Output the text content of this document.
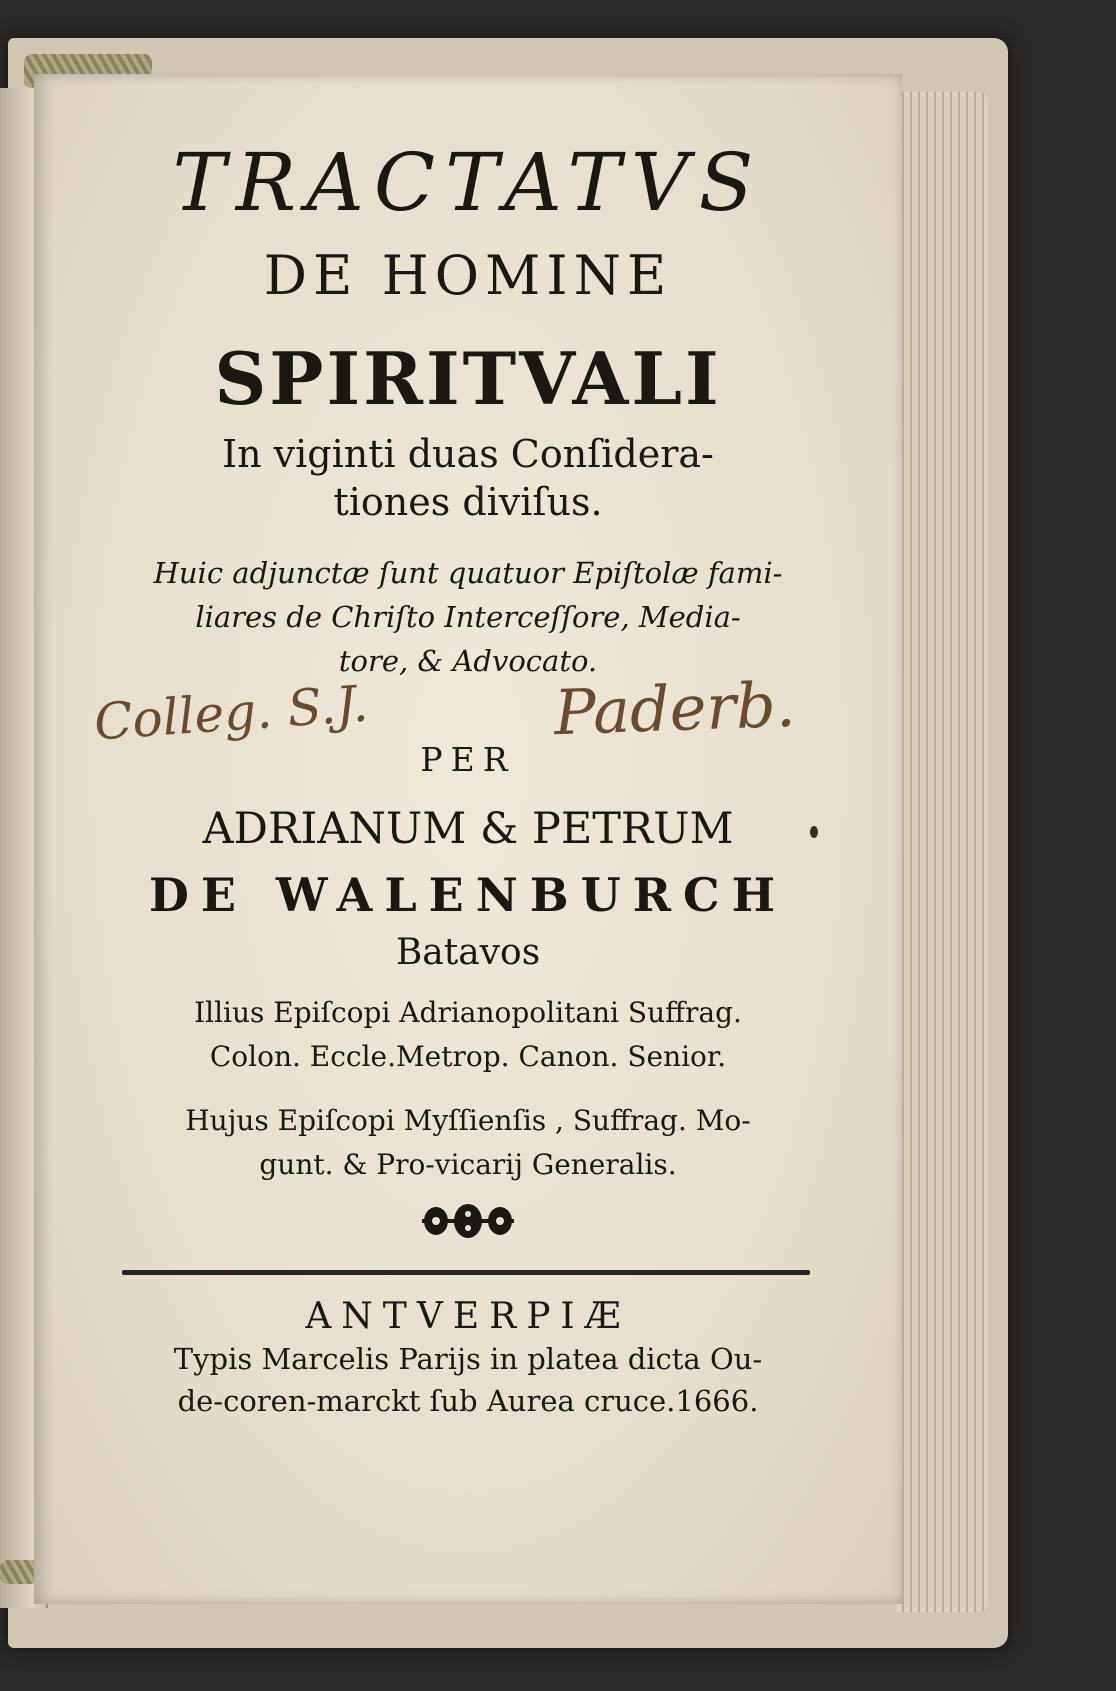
TRACTATVS
DE HOMINE
SPIRITVALI
In viginti duas Conſidera-
tiones diviſus.
Huic adjunctæ ſunt quatuor Epiſtolæ fami-
liares de Chriſto Interceſſore, Media-
tore, & Advocato.
Colleg. S.J.	Paderb.
PER
ADRIANUM & PETRUM
DE WALENBURCH
Batavos
Illius Epiſcopi Adrianopolitani Suffrag.
Colon. Eccle.Metrop. Canon. Senior.
Hujus Epiſcopi Myſſienſis , Suffrag. Mo-
gunt. & Pro-vicarij Generalis.
ANTVERPIÆ
Typis Marcelis Parijs in platea dicta Ou-
de-coren-marckt ſub Aurea cruce.1666.
